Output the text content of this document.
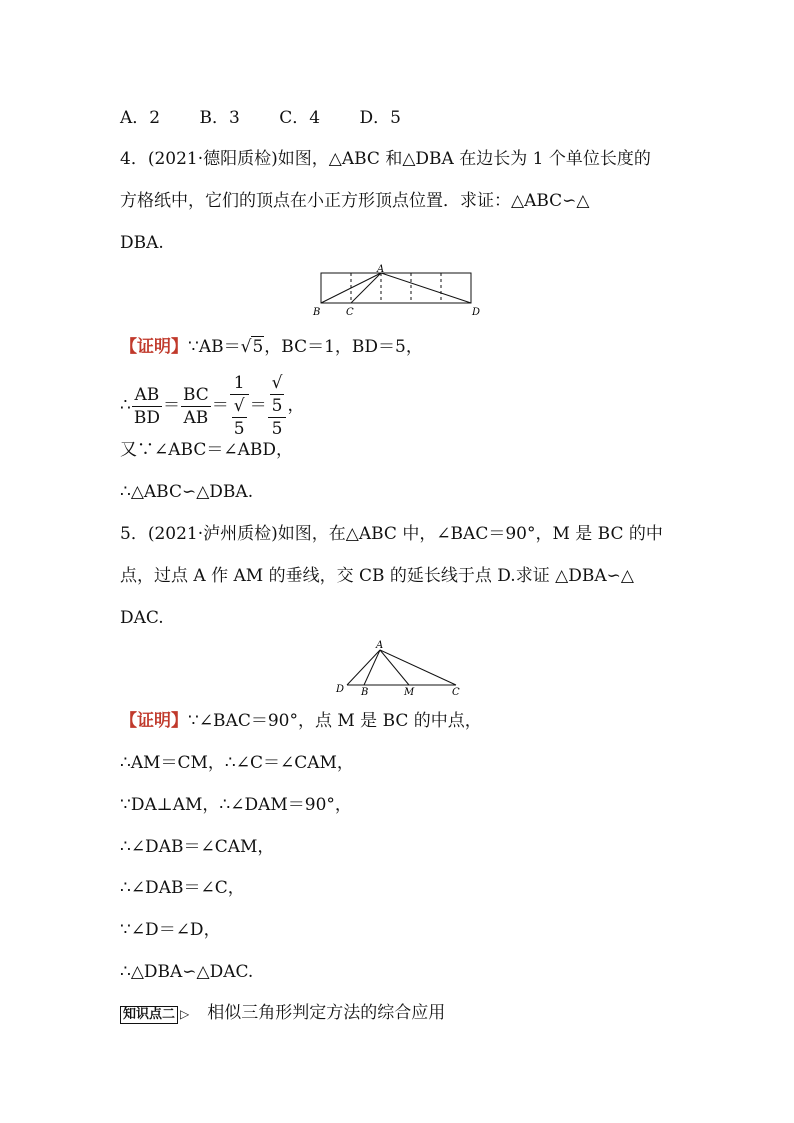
A．2 B．3 C．4 D．5
4．(2021·德阳质检)如图，△ABC 和△DBA 在边长为 1 个单位长度的
方格纸中，它们的顶点在小正方形顶点位置．求证：△ABC∽△
DBA.
A
B	C	D
【证明】∵AB＝√5，BC＝1，BD＝5，
∴ $\frac{AB}{BD} = \frac{BC}{AB} = 1$
√
5 ＝ √
5
5 ，
又∵∠ABC＝∠ABD，
∴△ABC∽△DBA.
5．(2021·泸州质检)如图，在△ABC 中，∠BAC＝90°，M 是 BC 的中
点，过点 A 作 AM 的垂线，交 CB 的延长线于点 D.求证 △DBA∽△
DAC.
A
D B	M	C
【证明】∵∠BAC＝90°，点 M 是 BC 的中点，
∴AM＝CM，∴∠C＝∠CAM，
∵DA⊥AM，∴∠DAM＝90°，
∴∠DAB＝∠CAM，
∴∠DAB＝∠C，
∵∠D＝∠D，
∴△DBA∽△DAC.
知识点二 ▷ 相似三角形判定方法的综合应用
